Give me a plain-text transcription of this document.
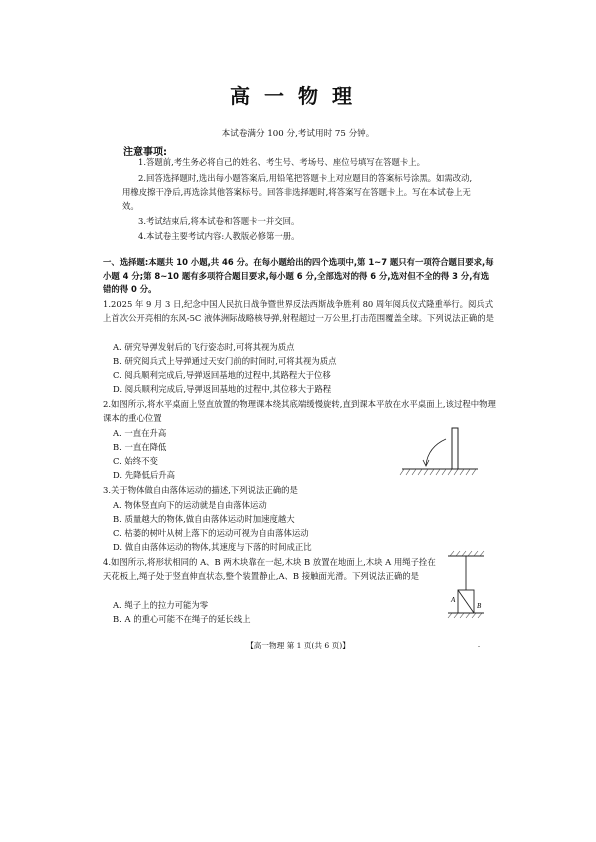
高一物理
本试卷满分 100 分,考试用时 75 分钟。
注意事项:

1.答题前,考生务必将自己的姓名、考生号、考场号、座位号填写在答题卡上。

2.回答选择题时,选出每小题答案后,用铅笔把答题卡上对应题目的答案标号涂黑。如需改动,用橡皮擦干净后,再选涂其他答案标号。回答非选择题时,将答案写在答题卡上。写在本试卷上无效。

3.考试结束后,将本试卷和答题卡一并交回。

4.本试卷主要考试内容:人教版必修第一册。

一、选择题:本题共 10 小题,共 46 分。在每小题给出的四个选项中,第 1~7 题只有一项符合题目要求,每小题 4 分;第 8~10 题有多项符合题目要求,每小题 6 分,全部选对的得 6 分,选对但不全的得 3 分,有选错的得 0 分。
1.2025 年 9 月 3 日,纪念中国人民抗日战争暨世界反法西斯战争胜利 80 周年阅兵仪式隆重举行。阅兵式上首次公开亮相的东风-5C 液体洲际战略核导弹,射程超过一万公里,打击范围覆盖全球。下列说法正确的是
A. 研究导弹发射后的飞行姿态时,可将其视为质点
B. 研究阅兵式上导弹通过天安门前的时间时,可将其视为质点
C. 阅兵顺利完成后,导弹返回基地的过程中,其路程大于位移
D. 阅兵顺利完成后,导弹返回基地的过程中,其位移大于路程
2.如图所示,将水平桌面上竖直放置的物理课本绕其底端缓慢旋转,直到课本平放在水平桌面上,该过程中物理课本的重心位置
A. 一直在升高
B. 一直在降低
C. 始终不变
D. 先降低后升高
3.关于物体做自由落体运动的描述,下列说法正确的是
A. 物体竖直向下的运动就是自由落体运动
B. 质量越大的物体,做自由落体运动时加速度越大
C. 枯萎的树叶从树上落下的运动可视为自由落体运动
D. 做自由落体运动的物体,其速度与下落的时间成正比
4.如图所示,将形状相同的 A、B 两木块靠在一起,木块 B 放置在地面上,木块 A 用绳子拴在天花板上,绳子处于竖直伸直状态,整个装置静止,A、B 接触面光滑。下列说法正确的是
A. 绳子上的拉力可能为零
B. A 的重心可能不在绳子的延长线上
A
B
【高一物理 第 1 页(共 6 页)】	-
